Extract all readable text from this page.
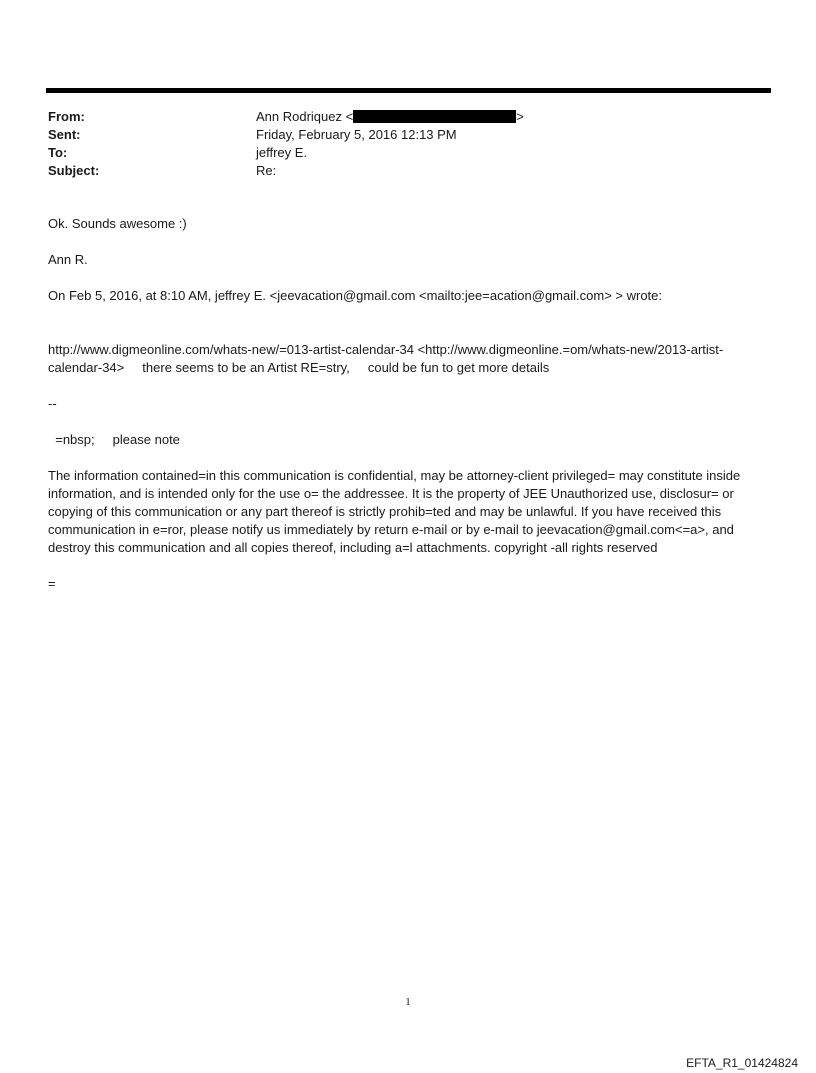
From:	Ann Rodriquez <	>
Sent:	Friday, February 5, 2016 12:13 PM
To:	jeffrey E.
Subject:	Re:

Ok. Sounds awesome :)

Ann R.

On Feb 5, 2016, at 8:10 AM, jeffrey E. <jeevacation@gmail.com <mailto:jee=acation@gmail.com> > wrote:

http://www.digmeonline.com/whats-new/=013-artist-calendar-34 <http://www.digmeonline.=om/whats-new/2013-artist-calendar-34>     there seems to be an Artist RE=stry,     could be fun to get more details

--

=nbsp;     please note

The information contained=in this communication is confidential, may be attorney-client privileged= may constitute inside information, and is intended only for the use o= the addressee. It is the property of JEE Unauthorized use, disclosur= or copying of this communication or any part thereof is strictly prohib=ted and may be unlawful. If you have received this communication in e=ror, please notify us immediately by return e-mail or by e-mail to jeevacation@gmail.com<=a>, and destroy this communication and all copies thereof, including a=l attachments. copyright -all rights reserved

=

1
EFTA_R1_01424824
